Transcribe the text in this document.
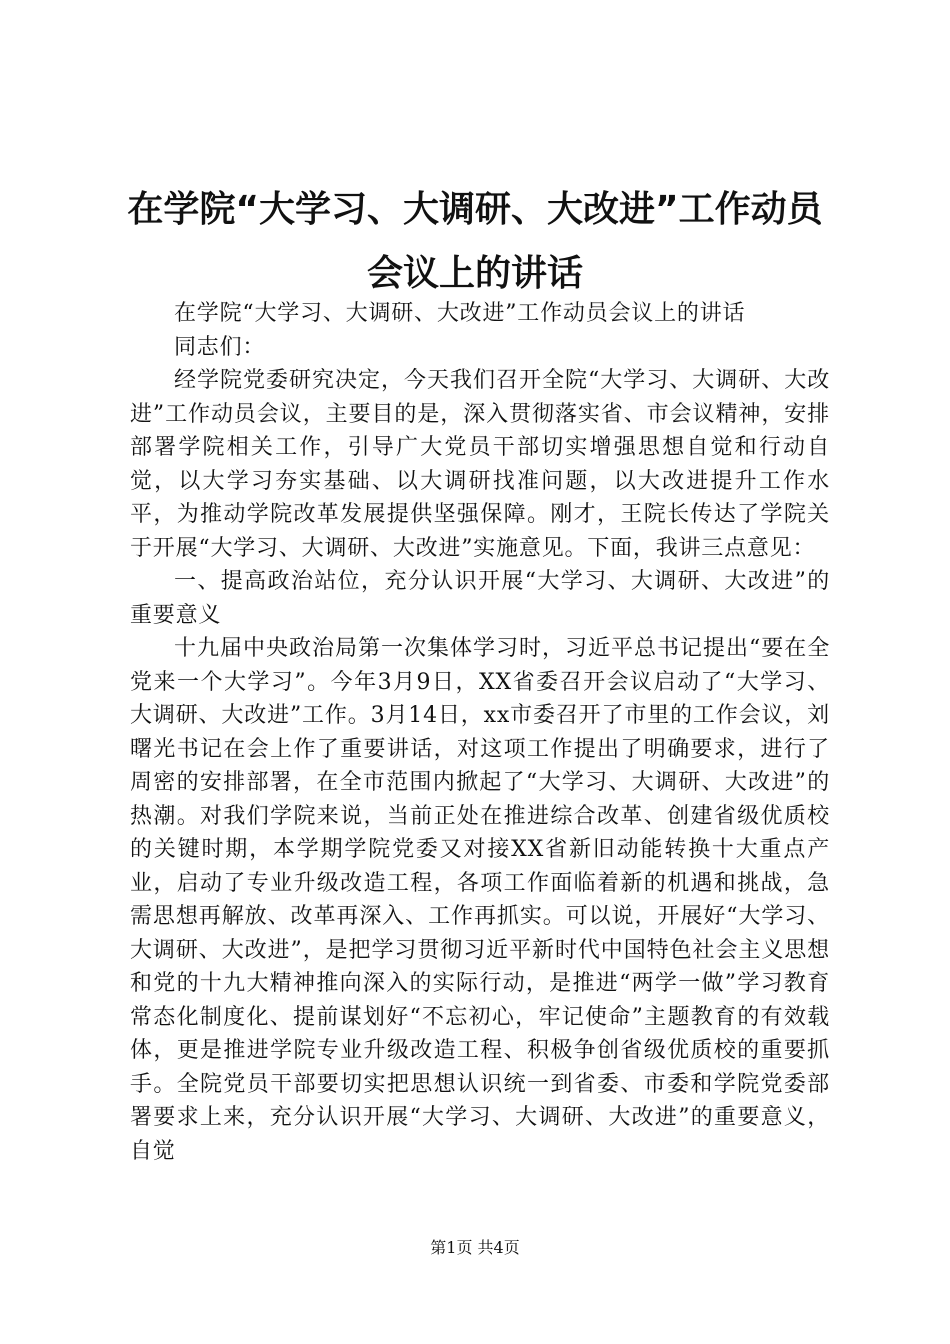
在学院“大学习、大调研、大改进”工作动员会议上的讲话

在学院“大学习、大调研、大改进”工作动员会议上的讲话

同志们：

经学院党委研究决定，今天我们召开全院“大学习、大调研、大改进”工作动员会议，主要目的是，深入贯彻落实省、市会议精神，安排部署学院相关工作，引导广大党员干部切实增强思想自觉和行动自觉，以大学习夯实基础、以大调研找准问题，以大改进提升工作水平，为推动学院改革发展提供坚强保障。刚才，王院长传达了学院关于开展“大学习、大调研、大改进”实施意见。下面，我讲三点意见：

一、提高政治站位，充分认识开展“大学习、大调研、大改进”的重要意义

十九届中央政治局第一次集体学习时，习近平总书记提出“要在全党来一个大学习”。今年3月9日，XX省委召开会议启动了“大学习、大调研、大改进”工作。3月14日，xx市委召开了市里的工作会议，刘曙光书记在会上作了重要讲话，对这项工作提出了明确要求，进行了周密的安排部署，在全市范围内掀起了“大学习、大调研、大改进”的热潮。对我们学院来说，当前正处在推进综合改革、创建省级优质校的关键时期，本学期学院党委又对接XX省新旧动能转换十大重点产业，启动了专业升级改造工程，各项工作面临着新的机遇和挑战，急需思想再解放、改革再深入、工作再抓实。可以说，开展好“大学习、大调研、大改进”，是把学习贯彻习近平新时代中国特色社会主义思想和党的十九大精神推向深入的实际行动，是推进“两学一做”学习教育常态化制度化、提前谋划好“不忘初心，牢记使命”主题教育的有效载体，更是推进学院专业升级改造工程、积极争创省级优质校的重要抓手。全院党员干部要切实把思想认识统一到省委、市委和学院党委部署要求上来，充分认识开展“大学习、大调研、大改进”的重要意义，自觉

第1页 共4页
